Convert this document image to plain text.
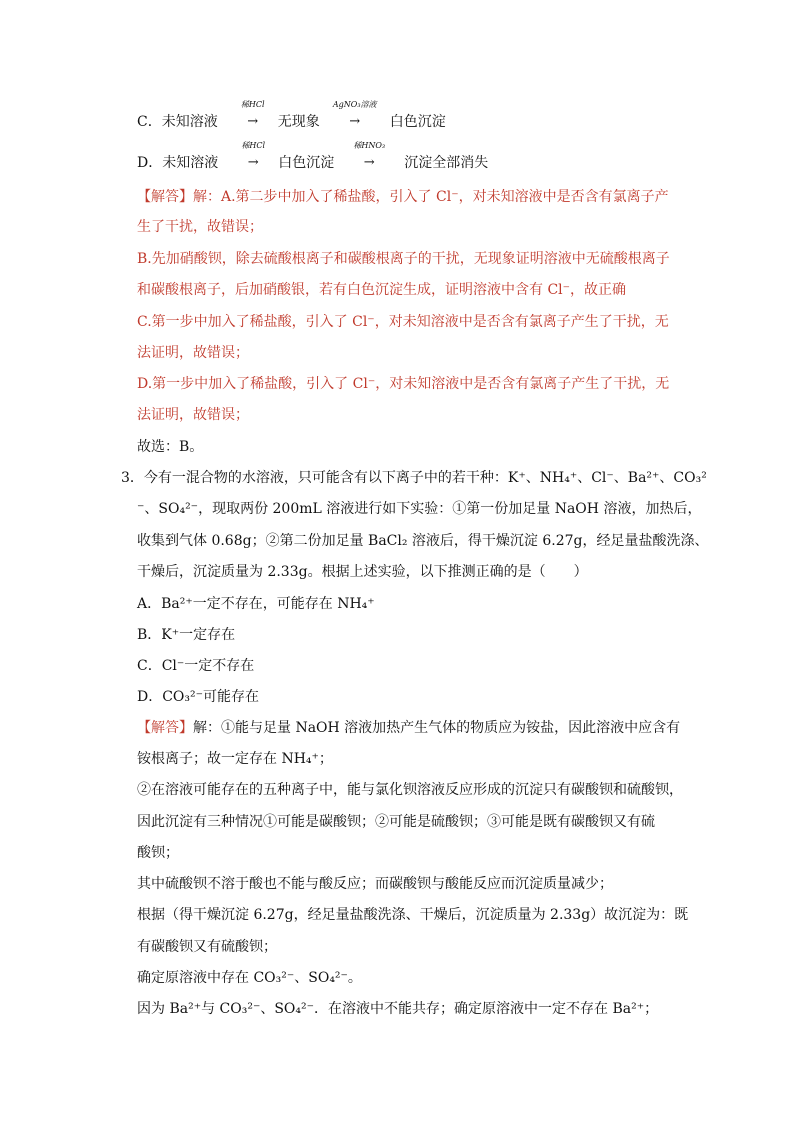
C．未知溶液
稀HCl
→	无现象
AgNO₃溶液
→	白色沉淀
D．未知溶液
稀HCl
→	白色沉淀
稀HNO₃
→	沉淀全部消失
【解答】解：A.第二步中加入了稀盐酸，引入了 Cl⁻，对未知溶液中是否含有氯离子产
生了干扰，故错误；
B.先加硝酸钡，除去硫酸根离子和碳酸根离子的干扰，无现象证明溶液中无硫酸根离子
和碳酸根离子，后加硝酸银，若有白色沉淀生成，证明溶液中含有 Cl⁻，故正确
C.第一步中加入了稀盐酸，引入了 Cl⁻，对未知溶液中是否含有氯离子产生了干扰，无
法证明，故错误；
D.第一步中加入了稀盐酸，引入了 Cl⁻，对未知溶液中是否含有氯离子产生了干扰，无
法证明，故错误；
故选：B。
3．今有一混合物的水溶液，只可能含有以下离子中的若干种：K⁺、NH₄⁺、Cl⁻、Ba²⁺、CO₃²
⁻、SO₄²⁻，现取两份 200mL 溶液进行如下实验：①第一份加足量 NaOH 溶液，加热后，
收集到气体 0.68g；②第二份加足量 BaCl₂ 溶液后，得干燥沉淀 6.27g，经足量盐酸洗涤、
干燥后，沉淀质量为 2.33g。根据上述实验，以下推测正确的是（　　）
A．Ba²⁺一定不存在，可能存在 NH₄⁺
B．K⁺一定存在
C．Cl⁻一定不存在
D．CO₃²⁻可能存在
【解答】解：①能与足量 NaOH 溶液加热产生气体的物质应为铵盐，因此溶液中应含有
铵根离子；故一定存在 NH₄⁺；
②在溶液可能存在的五种离子中，能与氯化钡溶液反应形成的沉淀只有碳酸钡和硫酸钡，
因此沉淀有三种情况①可能是碳酸钡；②可能是硫酸钡；③可能是既有碳酸钡又有硫
酸钡；
其中硫酸钡不溶于酸也不能与酸反应；而碳酸钡与酸能反应而沉淀质量减少；
根据（得干燥沉淀 6.27g，经足量盐酸洗涤、干燥后，沉淀质量为 2.33g）故沉淀为：既
有碳酸钡又有硫酸钡；
确定原溶液中存在 CO₃²⁻、SO₄²⁻。
因为 Ba²⁺与 CO₃²⁻、SO₄²⁻．在溶液中不能共存；确定原溶液中一定不存在 Ba²⁺；
